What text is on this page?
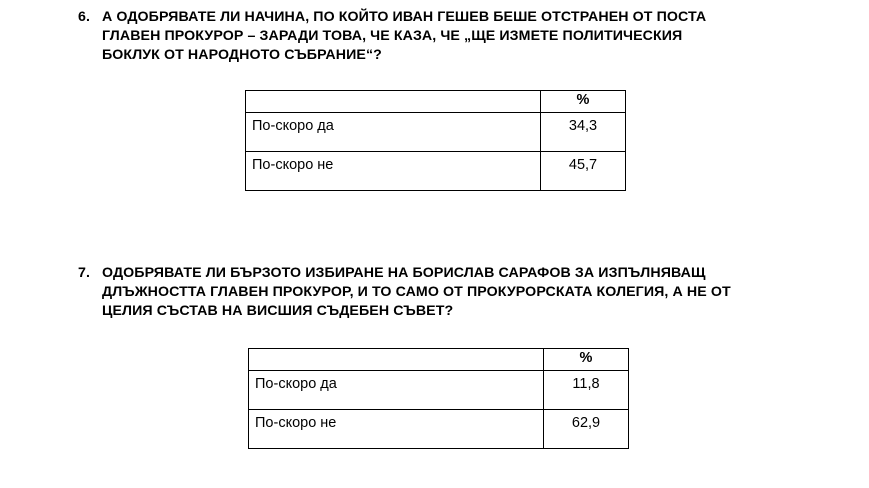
6. А ОДОБРЯВАТЕ ЛИ НАЧИНА, ПО КОЙТО ИВАН ГЕШЕВ БЕШЕ ОТСТРАНЕН ОТ ПОСТА
ГЛАВЕН ПРОКУРОР – ЗАРАДИ ТОВА, ЧЕ КАЗА, ЧЕ „ЩЕ ИЗМЕТЕ ПОЛИТИЧЕСКИЯ
БОКЛУК ОТ НАРОДНОТО СЪБРАНИЕ“?

	%
По-скоро да	34,3
По-скоро не	45,7
7. ОДОБРЯВАТЕ ЛИ БЪРЗОТО ИЗБИРАНЕ НА БОРИСЛАВ САРАФОВ ЗА ИЗПЪЛНЯВАЩ
ДЛЪЖНОСТТА ГЛАВЕН ПРОКУРОР, И ТО САМО ОТ ПРОКУРОРСКАТА КОЛЕГИЯ, А НЕ ОТ
ЦЕЛИЯ СЪСТАВ НА ВИСШИЯ СЪДЕБЕН СЪВЕТ?

	%
По-скоро да	11,8
По-скоро не	62,9
